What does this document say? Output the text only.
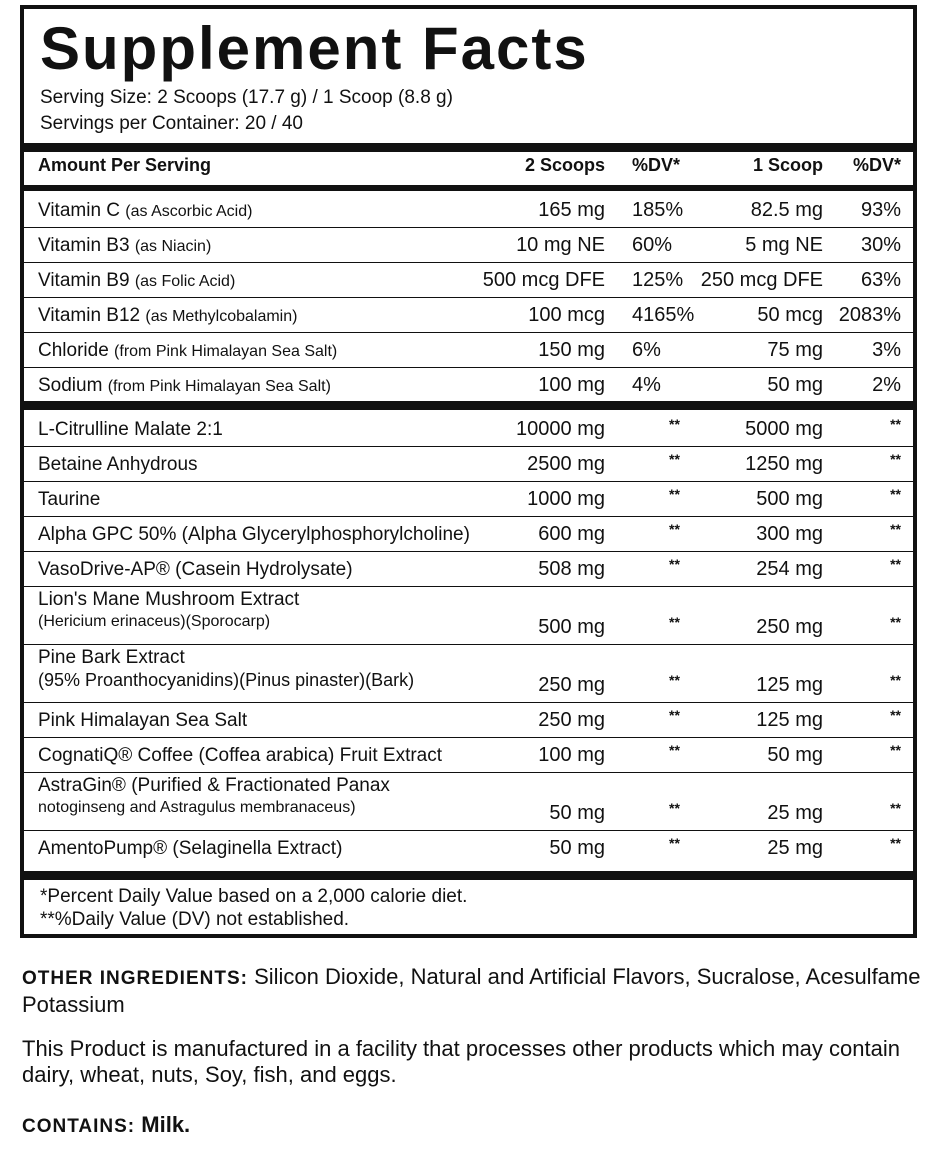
Supplement Facts
Serving Size: 2 Scoops (17.7 g) / 1 Scoop (8.8 g)
Servings per Container: 20 / 40
Amount Per Serving	2 Scoops %DV*	1 Scoop %DV*
Vitamin C (as Ascorbic Acid)	165 mg 185%	82.5 mg 93%
Vitamin B3 (as Niacin)	10 mg NE 60%	5 mg NE 30%
Vitamin B9 (as Folic Acid)	500 mcg DFE 125% 250 mcg DFE 63%
Vitamin B12 (as Methylcobalamin)	100 mcg 4165%	50 mcg 2083%
Chloride (from Pink Himalayan Sea Salt)	150 mg 6%	75 mg 3%
Sodium (from Pink Himalayan Sea Salt)	100 mg 4%	50 mg 2%
L-Citrulline Malate 2:1	10000 mg	**	5000 mg	**
Betaine Anhydrous	2500 mg	**	1250 mg	**
Taurine	1000 mg	**	500 mg	**
Alpha GPC 50% (Alpha Glycerylphosphorylcholine)	600 mg	**	300 mg	**
VasoDrive-AP® (Casein Hydrolysate)	508 mg	**	254 mg	**
Lion's Mane Mushroom Extract
(Hericium erinaceus)(Sporocarp)	500 mg	**	250 mg	**
Pine Bark Extract
(95% Proanthocyanidins)(Pinus pinaster)(Bark)	250 mg	**	125 mg	**
Pink Himalayan Sea Salt	250 mg	**	125 mg	**
CognatiQ® Coffee (Coffea arabica) Fruit Extract	100 mg	**	50 mg	**
AstraGin® (Purified & Fractionated Panax
notoginseng and Astragulus membranaceus)	50 mg	**	25 mg	**
AmentoPump® (Selaginella Extract)	50 mg	**	25 mg	**
*Percent Daily Value based on a 2,000 calorie diet.
**%Daily Value (DV) not established.
OTHER INGREDIENTS: Silicon Dioxide, Natural and Artificial Flavors, Sucralose, Acesulfame Potassium
This Product is manufactured in a facility that processes other products which may contain dairy, wheat, nuts, Soy, fish, and eggs.
CONTAINS: Milk.
